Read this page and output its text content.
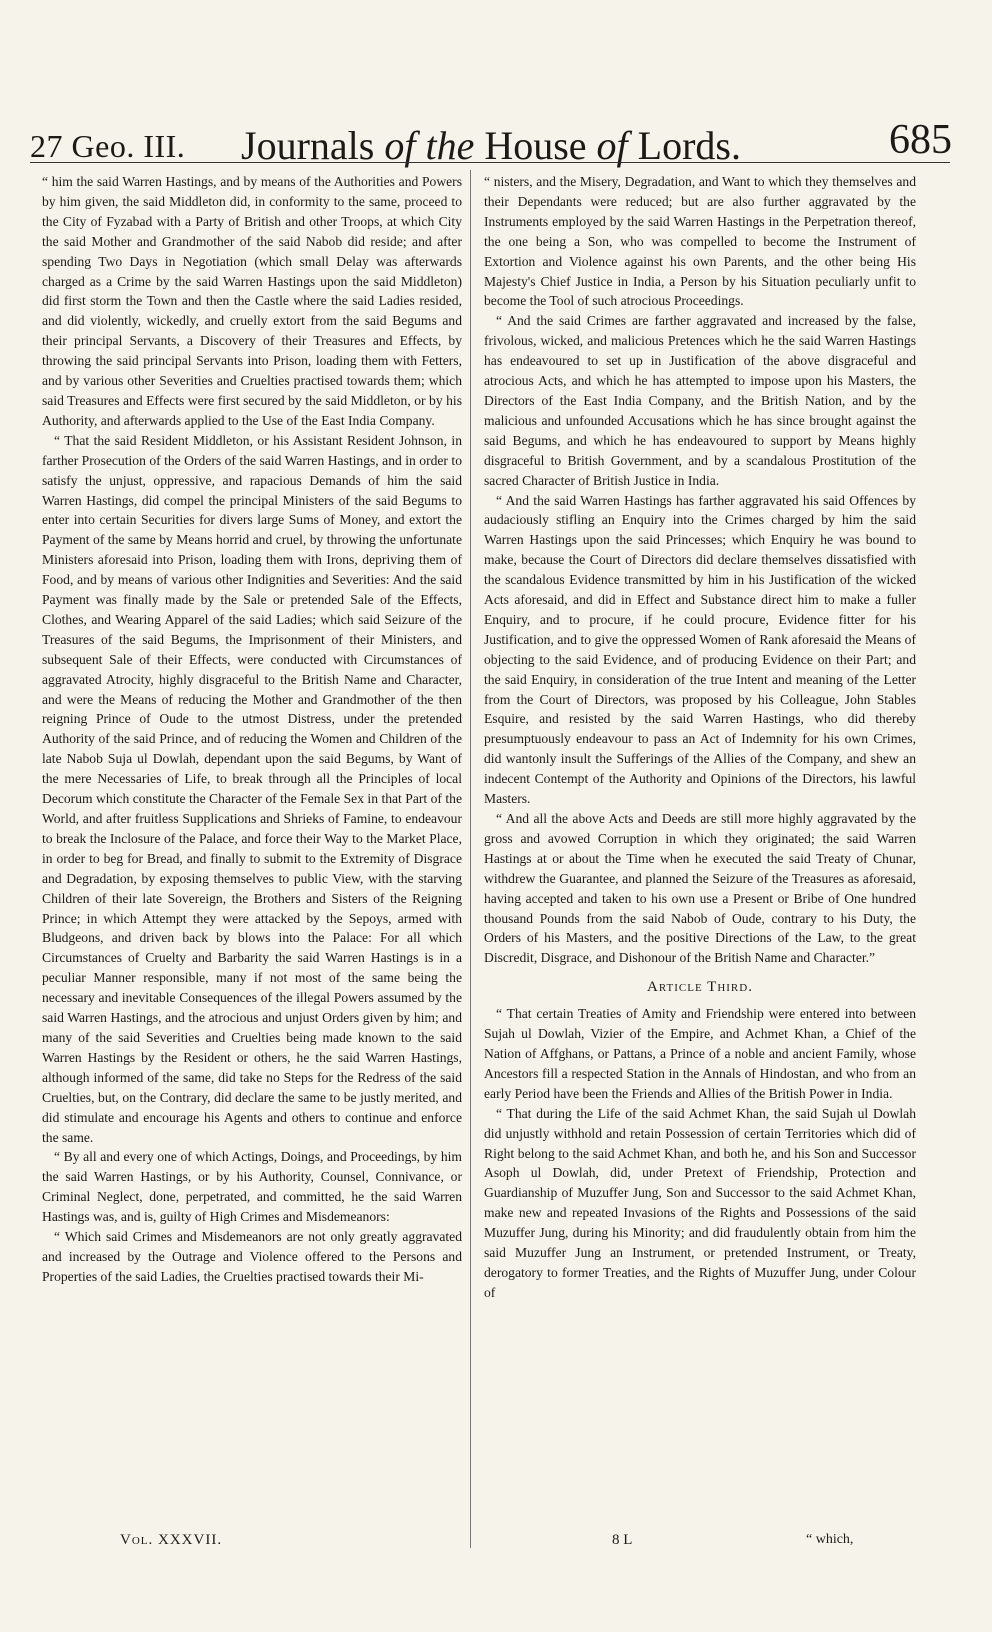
27 Geo. III.	Journals of the House of Lords.	685

“ him the said Warren Hastings, and by means of the Authorities and Powers by him given, the said Middleton did, in conformity to the same, proceed to the City of Fyzabad with a Party of British and other Troops, at which City the said Mother and Grandmother of the said Nabob did reside; and after spending Two Days in Negotiation (which small Delay was afterwards charged as a Crime by the said Warren Hastings upon the said Middleton) did first storm the Town and then the Castle where the said Ladies resided, and did violently, wickedly, and cruelly extort from the said Begums and their principal Servants, a Discovery of their Treasures and Effects, by throwing the said principal Servants into Prison, loading them with Fetters, and by various other Severities and Cruelties practised towards them; which said Treasures and Effects were first secured by the said Middleton, or by his Authority, and afterwards applied to the Use of the East India Company.

“ That the said Resident Middleton, or his Assistant Resident Johnson, in farther Prosecution of the Orders of the said Warren Hastings, and in order to satisfy the unjust, oppressive, and rapacious Demands of him the said Warren Hastings, did compel the principal Ministers of the said Begums to enter into certain Securities for divers large Sums of Money, and extort the Payment of the same by Means horrid and cruel, by throwing the unfortunate Ministers aforesaid into Prison, loading them with Irons, depriving them of Food, and by means of various other Indignities and Severities: And the said Payment was finally made by the Sale or pretended Sale of the Effects, Clothes, and Wearing Apparel of the said Ladies; which said Seizure of the Treasures of the said Begums, the Imprisonment of their Ministers, and subsequent Sale of their Effects, were conducted with Circumstances of aggravated Atrocity, highly disgraceful to the British Name and Character, and were the Means of reducing the Mother and Grandmother of the then reigning Prince of Oude to the utmost Distress, under the pretended Authority of the said Prince, and of reducing the Women and Children of the late Nabob Suja ul Dowlah, dependant upon the said Begums, by Want of the mere Necessaries of Life, to break through all the Principles of local Decorum which constitute the Character of the Female Sex in that Part of the World, and after fruitless Supplications and Shrieks of Famine, to endeavour to break the Inclosure of the Palace, and force their Way to the Market Place, in order to beg for Bread, and finally to submit to the Extremity of Disgrace and Degradation, by exposing themselves to public View, with the starving Children of their late Sovereign, the Brothers and Sisters of the Reigning Prince; in which Attempt they were attacked by the Sepoys, armed with Bludgeons, and driven back by blows into the Palace: For all which Circumstances of Cruelty and Barbarity the said Warren Hastings is in a peculiar Manner responsible, many if not most of the same being the necessary and inevitable Consequences of the illegal Powers assumed by the said Warren Hastings, and the atrocious and unjust Orders given by him; and many of the said Severities and Cruelties being made known to the said Warren Hastings by the Resident or others, he the said Warren Hastings, although informed of the same, did take no Steps for the Redress of the said Cruelties, but, on the Contrary, did declare the same to be justly merited, and did stimulate and encourage his Agents and others to continue and enforce the same.

“ By all and every one of which Actings, Doings, and Proceedings, by him the said Warren Hastings, or by his Authority, Counsel, Connivance, or Criminal Neglect, done, perpetrated, and committed, he the said Warren Hastings was, and is, guilty of High Crimes and Misdemeanors:

“ Which said Crimes and Misdemeanors are not only greatly aggravated and increased by the Outrage and Violence offered to the Persons and Properties of the said Ladies, the Cruelties practised towards their Mi-

“ nisters, and the Misery, Degradation, and Want to which they themselves and their Dependants were reduced; but are also further aggravated by the Instruments employed by the said Warren Hastings in the Perpetration thereof, the one being a Son, who was compelled to become the Instrument of Extortion and Violence against his own Parents, and the other being His Majesty's Chief Justice in India, a Person by his Situation peculiarly unfit to become the Tool of such atrocious Proceedings.

“ And the said Crimes are farther aggravated and increased by the false, frivolous, wicked, and malicious Pretences which he the said Warren Hastings has endeavoured to set up in Justification of the above disgraceful and atrocious Acts, and which he has attempted to impose upon his Masters, the Directors of the East India Company, and the British Nation, and by the malicious and unfounded Accusations which he has since brought against the said Begums, and which he has endeavoured to support by Means highly disgraceful to British Government, and by a scandalous Prostitution of the sacred Character of British Justice in India.

“ And the said Warren Hastings has farther aggravated his said Offences by audaciously stifling an Enquiry into the Crimes charged by him the said Warren Hastings upon the said Princesses; which Enquiry he was bound to make, because the Court of Directors did declare themselves dissatisfied with the scandalous Evidence transmitted by him in his Justification of the wicked Acts aforesaid, and did in Effect and Substance direct him to make a fuller Enquiry, and to procure, if he could procure, Evidence fitter for his Justification, and to give the oppressed Women of Rank aforesaid the Means of objecting to the said Evidence, and of producing Evidence on their Part; and the said Enquiry, in consideration of the true Intent and meaning of the Letter from the Court of Directors, was proposed by his Colleague, John Stables Esquire, and resisted by the said Warren Hastings, who did thereby presumptuously endeavour to pass an Act of Indemnity for his own Crimes, did wantonly insult the Sufferings of the Allies of the Company, and shew an indecent Contempt of the Authority and Opinions of the Directors, his lawful Masters.

“ And all the above Acts and Deeds are still more highly aggravated by the gross and avowed Corruption in which they originated; the said Warren Hastings at or about the Time when he executed the said Treaty of Chunar, withdrew the Guarantee, and planned the Seizure of the Treasures as aforesaid, having accepted and taken to his own use a Present or Bribe of One hundred thousand Pounds from the said Nabob of Oude, contrary to his Duty, the Orders of his Masters, and the positive Directions of the Law, to the great Discredit, Disgrace, and Dishonour of the British Name and Character.”

Article Third.

“ That certain Treaties of Amity and Friendship were entered into between Sujah ul Dowlah, Vizier of the Empire, and Achmet Khan, a Chief of the Nation of Affghans, or Pattans, a Prince of a noble and ancient Family, whose Ancestors fill a respected Station in the Annals of Hindostan, and who from an early Period have been the Friends and Allies of the British Power in India.

“ That during the Life of the said Achmet Khan, the said Sujah ul Dowlah did unjustly withhold and retain Possession of certain Territories which did of Right belong to the said Achmet Khan, and both he, and his Son and Successor Asoph ul Dowlah, did, under Pretext of Friendship, Protection and Guardianship of Muzuffer Jung, Son and Successor to the said Achmet Khan, make new and repeated Invasions of the Rights and Possessions of the said Muzuffer Jung, during his Minority; and did fraudulently obtain from him the said Muzuffer Jung an Instrument, or pretended Instrument, or Treaty, derogatory to former Treaties, and the Rights of Muzuffer Jung, under Colour of

Vol. XXXVII.	8 L	“ which,
